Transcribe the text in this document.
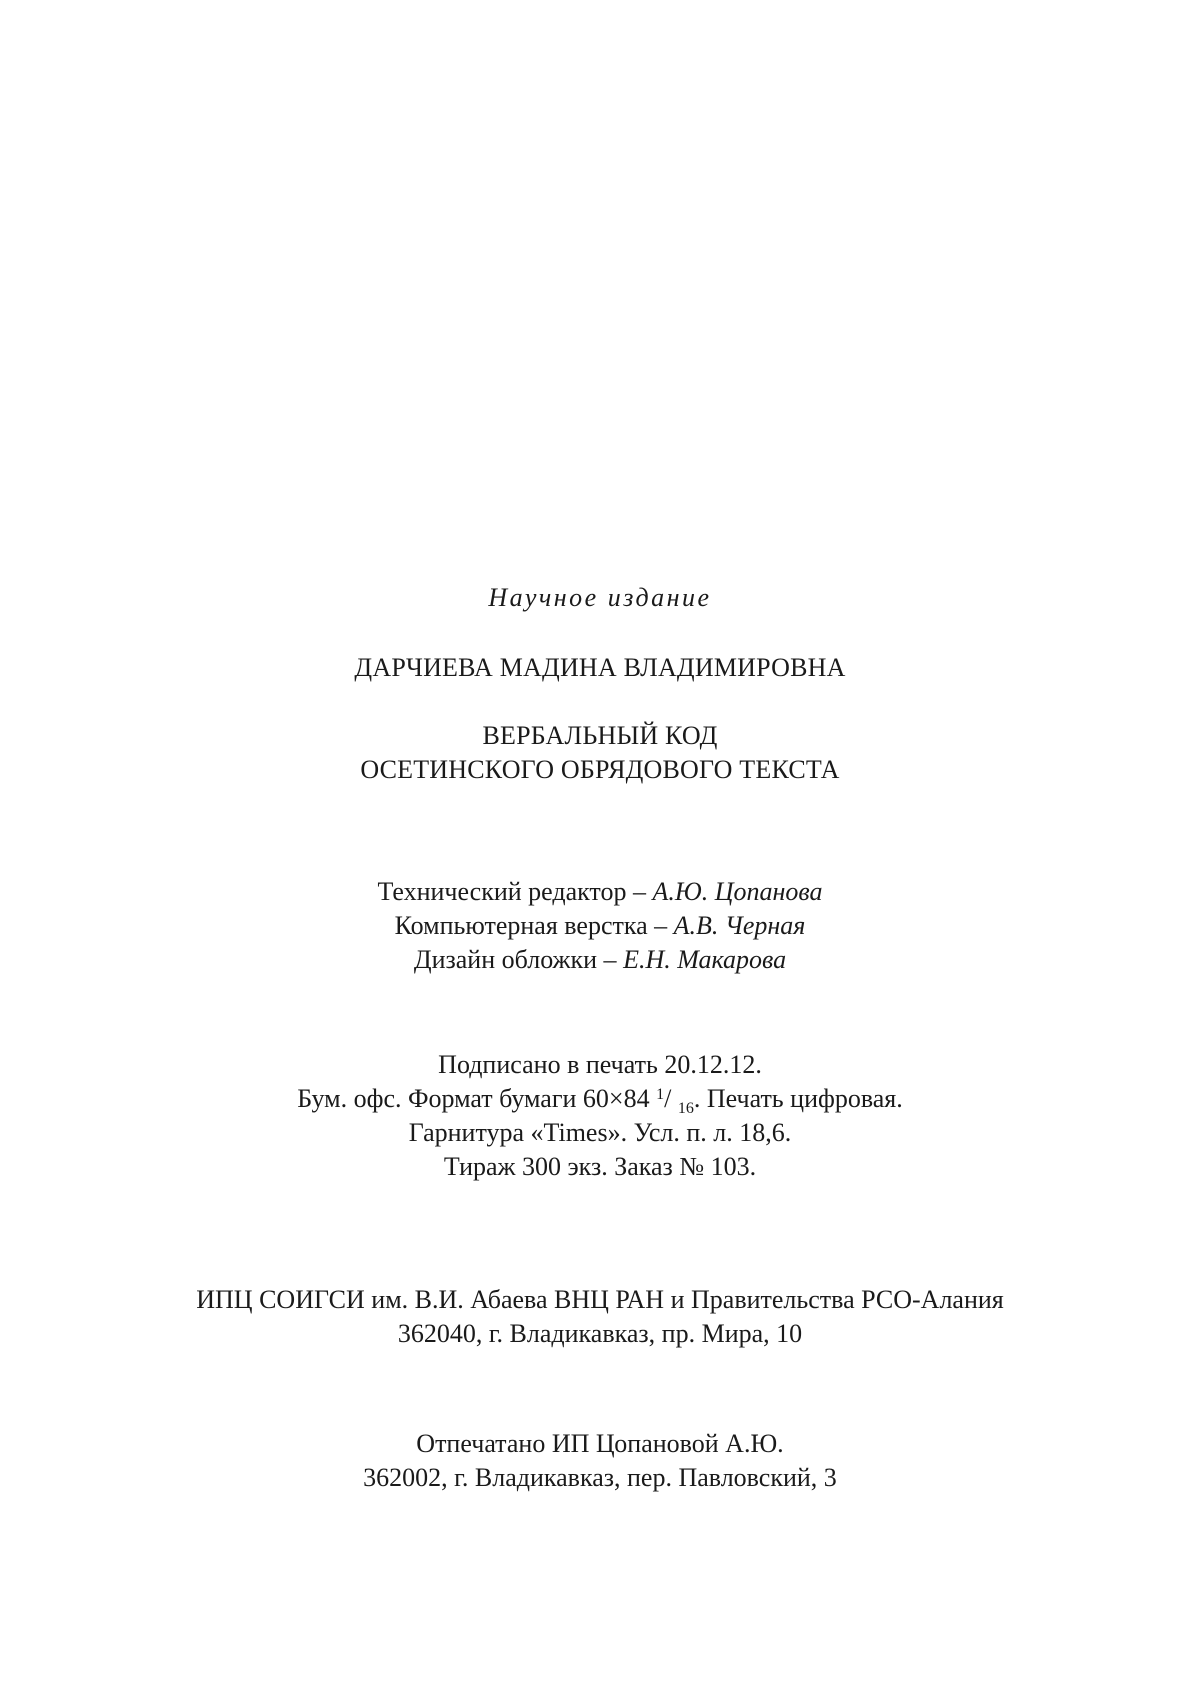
Научное издание
ДАРЧИЕВА МАДИНА ВЛАДИМИРОВНА
ВЕРБАЛЬНЫЙ КОД
ОСЕТИНСКОГО ОБРЯДОВОГО ТЕКСТА
Технический редактор – А.Ю. Цопанова
Компьютерная верстка – А.В. Черная
Дизайн обложки – Е.Н. Макарова
Подписано в печать 20.12.12.
Бум. офс. Формат бумаги 60×84 $^1$/ $_{16}$. Печать цифровая.
Гарнитура «Times». Усл. п. л. 18,6.
Тираж 300 экз. Заказ № 103.
ИПЦ СОИГСИ им. В.И. Абаева ВНЦ РАН и Правительства РСО-Алания
362040, г. Владикавказ, пр. Мира, 10
Отпечатано ИП Цопановой А.Ю.
362002, г. Владикавказ, пер. Павловский, 3
